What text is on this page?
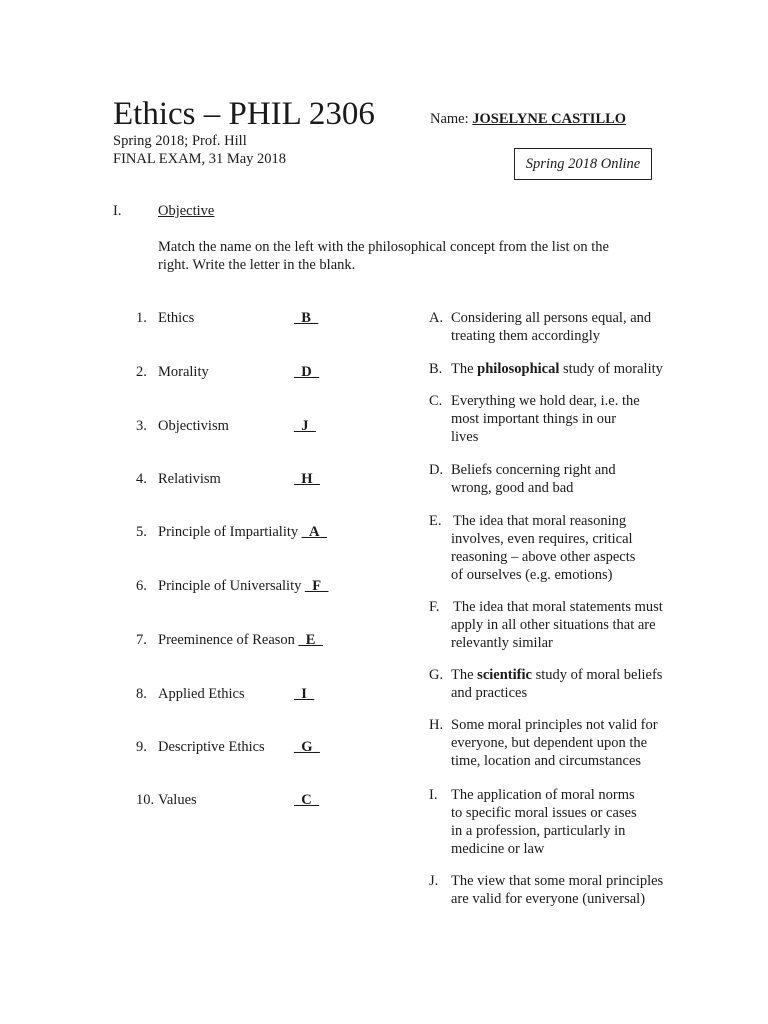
Ethics – PHIL 2306	Name: JOSELYNE CASTILLO
Spring 2018; Prof. Hill
FINAL EXAM, 31 May 2018	Spring 2018 Online
I.	Objective
Match the name on the left with the philosophical concept from the list on the right. Write the letter in the blank.
1. Ethics	_B_
2. Morality	_D_
3. Objectivism	_J_
4. Relativism	_H_
5. Principle of Impartiality _A_
6. Principle of Universality _F_
7. Preeminence of Reason _E_
8. Applied Ethics	_I_
9. Descriptive Ethics _G_
10. Values	_C_
A. Considering all persons equal, and
treating them accordingly
B. The philosophical study of morality
C. Everything we hold dear, i.e. the
most important things in our
lives
D. Beliefs concerning right and
wrong, good and bad
E. The idea that moral reasoning
involves, even requires, critical
reasoning – above other aspects
of ourselves (e.g. emotions)
F. The idea that moral statements must
apply in all other situations that are
relevantly similar
G. The scientific study of moral beliefs
and practices
H. Some moral principles not valid for
everyone, but dependent upon the
time, location and circumstances
I. The application of moral norms
to specific moral issues or cases
in a profession, particularly in
medicine or law
J. The view that some moral principles
are valid for everyone (universal)
